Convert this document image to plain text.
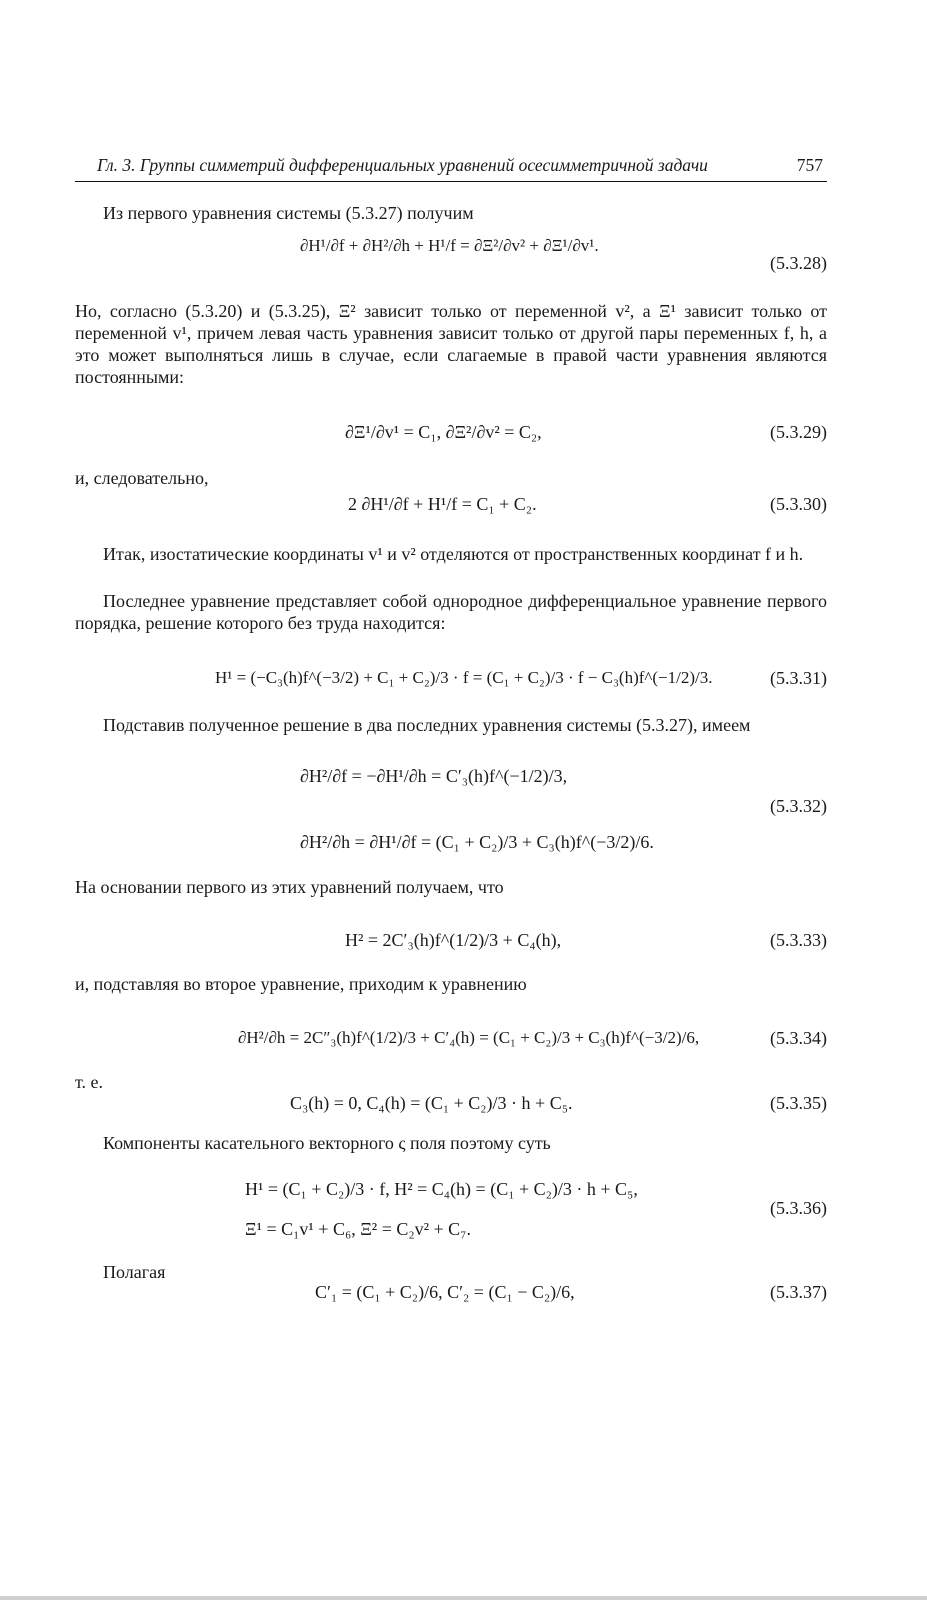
Гл. 3. Группы симметрий дифференциальных уравнений осесимметричной задачи	757
Из первого уравнения системы (5.3.27) получим
∂H¹/∂f + ∂H²/∂h + H¹/f = ∂Ξ²/∂v² + ∂Ξ¹/∂v¹.
(5.3.28)
Но, согласно (5.3.20) и (5.3.25), Ξ² зависит только от переменной v², а Ξ¹ зависит только от переменной v¹, причем левая часть уравнения зависит только от другой пары переменных f, h, а это может выполняться лишь в случае, если слагаемые в правой части уравнения являются постоянными:
∂Ξ¹/∂v¹ = C₁, ∂Ξ²/∂v² = C₂,	(5.3.29)
и, следовательно,
2 ∂H¹/∂f + H¹/f = C₁ + C₂.	(5.3.30)
Итак, изостатические координаты v¹ и v² отделяются от пространственных координат f и h.
Последнее уравнение представляет собой однородное дифференциальное уравнение первого порядка, решение которого без труда находится:
H¹ = (−C₃(h)f^(−3/2) + C₁ + C₂)/3 · f = (C₁ + C₂)/3 · f − C₃(h)f^(−1/2)/3.	(5.3.31)
Подставив полученное решение в два последних уравнения системы (5.3.27), имеем
∂H²/∂f = −∂H¹/∂h = C′₃(h)f^(−1/2)/3,
∂H²/∂h = ∂H¹/∂f = (C₁ + C₂)/3 + C₃(h)f^(−3/2)/6.
(5.3.32)
На основании первого из этих уравнений получаем, что
H² = 2C′₃(h)f^(1/2)/3 + C₄(h),	(5.3.33)
и, подставляя во второе уравнение, приходим к уравнению
∂H²/∂h = 2C″₃(h)f^(1/2)/3 + C′₄(h) = (C₁ + C₂)/3 + C₃(h)f^(−3/2)/6,	(5.3.34)
т. е.
C₃(h) = 0, C₄(h) = (C₁ + C₂)/3 · h + C₅.	(5.3.35)
Компоненты касательного векторного ς поля поэтому суть
H¹ = (C₁ + C₂)/3 · f, H² = C₄(h) = (C₁ + C₂)/3 · h + C₅,
Ξ¹ = C₁v¹ + C₆, Ξ² = C₂v² + C₇.
(5.3.36)
Полагая
C′₁ = (C₁ + C₂)/6, C′₂ = (C₁ − C₂)/6,	(5.3.37)
